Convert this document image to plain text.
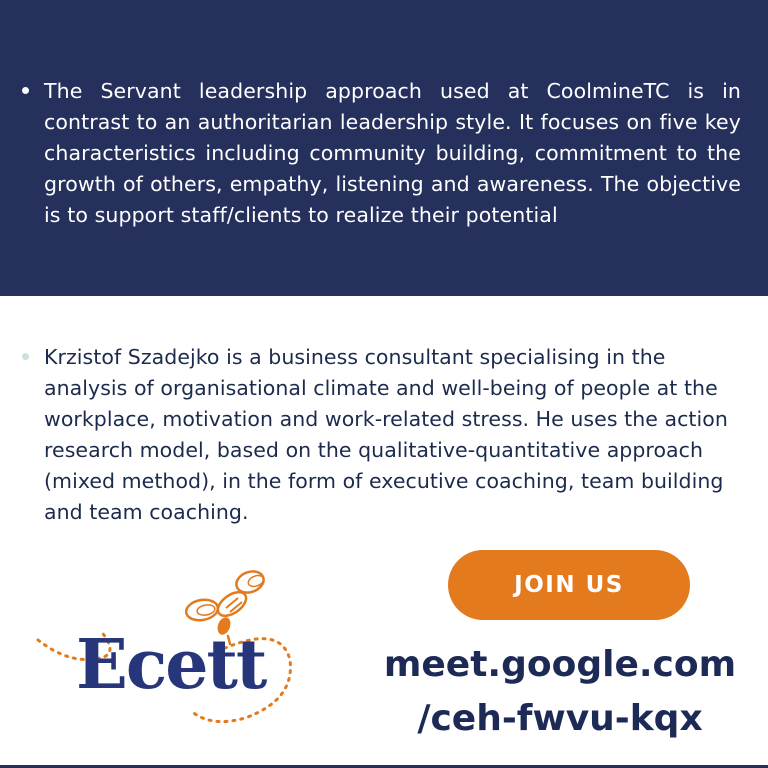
The Servant leadership approach used at CoolmineTC is in contrast to an authoritarian leadership style. It focuses on five key characteristics including community building, commitment to the growth of others, empathy, listening and awareness. The objective is to support staff/clients to realize their potential
Krzistof Szadejko is a business consultant specialising in the analysis of organisational climate and well-being of people at the workplace, motivation and work-related stress. He uses the action research model, based on the qualitative-quantitative approach (mixed method), in the form of executive coaching, team building and team coaching.
Ecett
JOIN US
meet.google.com
/ceh-fwvu-kqx
